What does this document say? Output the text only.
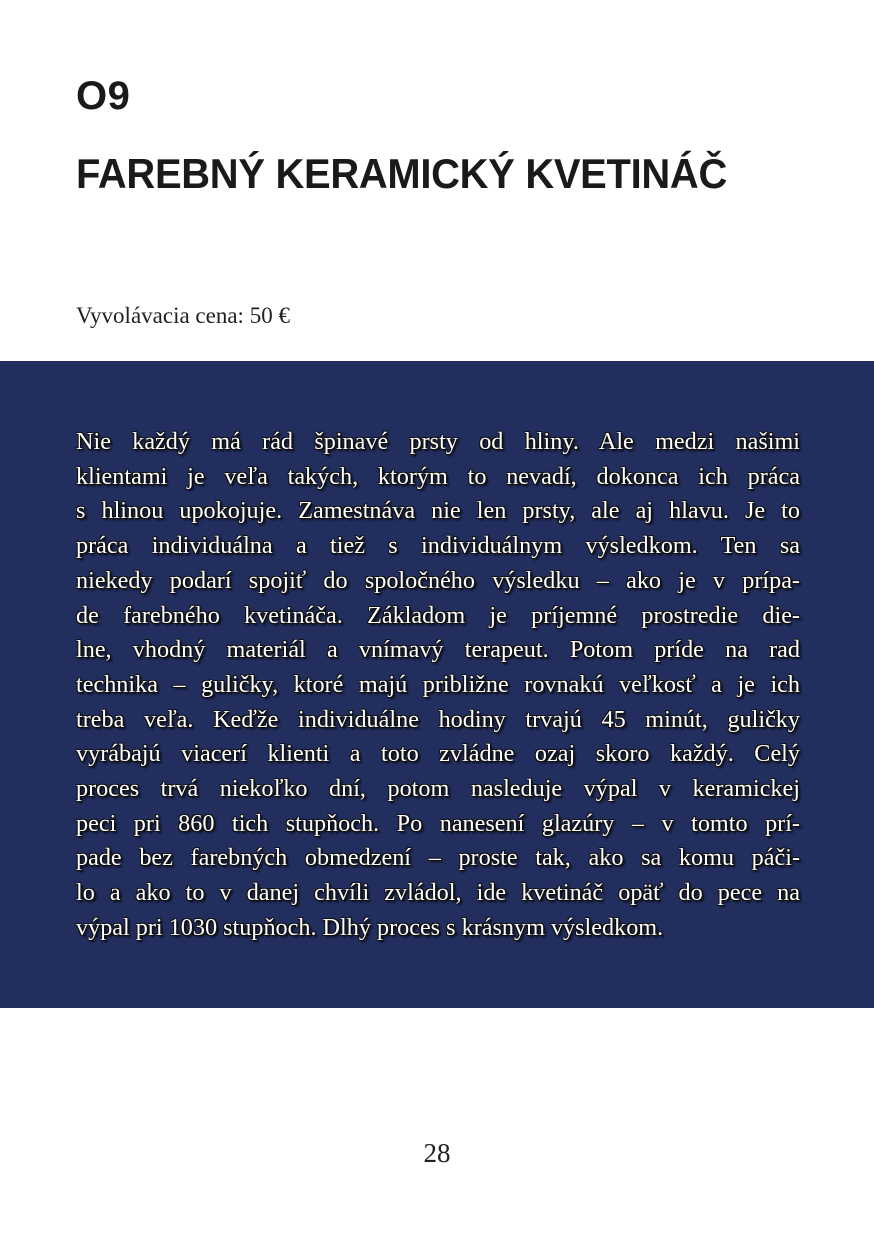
O9
FAREBNÝ KERAMICKÝ KVETINÁČ
Vyvolávacia cena: 50 €

Nie každý má rád špinavé prsty od hliny. Ale medzi našimi
klientami je veľa takých, ktorým to nevadí, dokonca ich práca
s hlinou upokojuje. Zamestnáva nie len prsty, ale aj hlavu. Je to
práca individuálna a tiež s individuálnym výsledkom. Ten sa
niekedy podarí spojiť do spoločného výsledku – ako je v prípa-
de farebného kvetináča. Základom je príjemné prostredie die-
lne, vhodný materiál a vnímavý terapeut. Potom príde na rad
technika – guličky, ktoré majú približne rovnakú veľkosť a je ich
treba veľa. Keďže individuálne hodiny trvajú 45 minút, guličky
vyrábajú viacerí klienti a toto zvládne ozaj skoro každý. Celý
proces trvá niekoľko dní, potom nasleduje výpal v keramickej
peci pri 860 tich stupňoch. Po nanesení glazúry – v tomto prí-
pade bez farebných obmedzení – proste tak, ako sa komu páči-
lo a ako to v danej chvíli zvládol, ide kvetináč opäť do pece na
výpal pri 1030 stupňoch. Dlhý proces s krásnym výsledkom.

28
